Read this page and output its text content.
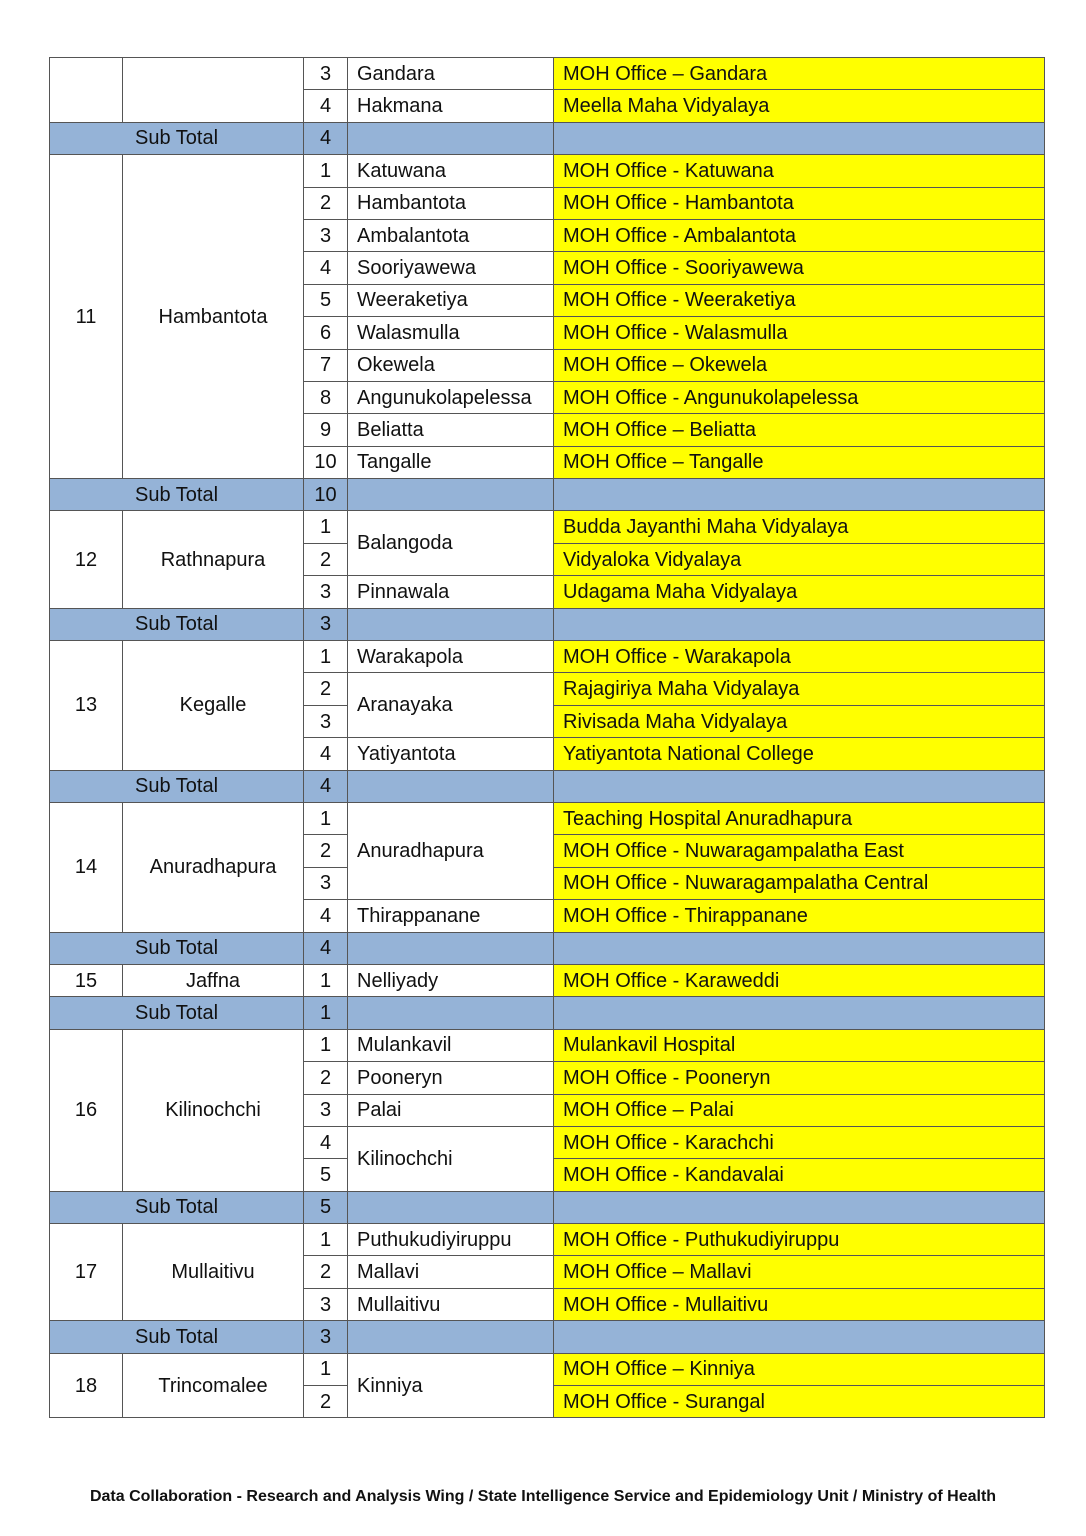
		3	Gandara	MOH Office – Gandara
		4	Hakmana	Meella Maha Vidyalaya
Sub Total		4		
11	Hambantota	1	Katuwana	MOH Office - Katuwana
		2	Hambantota	MOH Office - Hambantota
		3	Ambalantota	MOH Office - Ambalantota
		4	Sooriyawewa	MOH Office - Sooriyawewa
		5	Weeraketiya	MOH Office - Weeraketiya
		6	Walasmulla	MOH Office - Walasmulla
		7	Okewela	MOH Office – Okewela
		8	Angunukolapelessa	MOH Office - Angunukolapelessa
		9	Beliatta	MOH Office – Beliatta
		10	Tangalle	MOH Office – Tangalle
Sub Total		10		
12	Rathnapura	1	Balangoda	Budda Jayanthi Maha Vidyalaya
		2		Vidyaloka Vidyalaya
		3	Pinnawala	Udagama Maha Vidyalaya
Sub Total		3		
13	Kegalle	1	Warakapola	MOH Office - Warakapola
		2	Aranayaka	Rajagiriya Maha Vidyalaya
		3		Rivisada Maha Vidyalaya
		4	Yatiyantota	Yatiyantota National College
Sub Total		4		
14	Anuradhapura	1	Anuradhapura	Teaching Hospital Anuradhapura
		2		MOH Office - Nuwaragampalatha East
		3		MOH Office - Nuwaragampalatha Central
		4	Thirappanane	MOH Office - Thirappanane
Sub Total		4		
15	Jaffna	1	Nelliyady	MOH Office - Karaweddi
Sub Total		1		
16	Kilinochchi	1	Mulankavil	Mulankavil Hospital
		2	Pooneryn	MOH Office - Pooneryn
		3	Palai	MOH Office – Palai
		4	Kilinochchi	MOH Office - Karachchi
		5		MOH Office - Kandavalai
Sub Total		5		
17	Mullaitivu	1	Puthukudiyiruppu	MOH Office - Puthukudiyiruppu
		2	Mallavi	MOH Office – Mallavi
		3	Mullaitivu	MOH Office - Mullaitivu
Sub Total		3		
18	Trincomalee	1	Kinniya	MOH Office – Kinniya
		2		MOH Office - Surangal
Data Collaboration - Research and Analysis Wing / State Intelligence Service and Epidemiology Unit / Ministry of Health
